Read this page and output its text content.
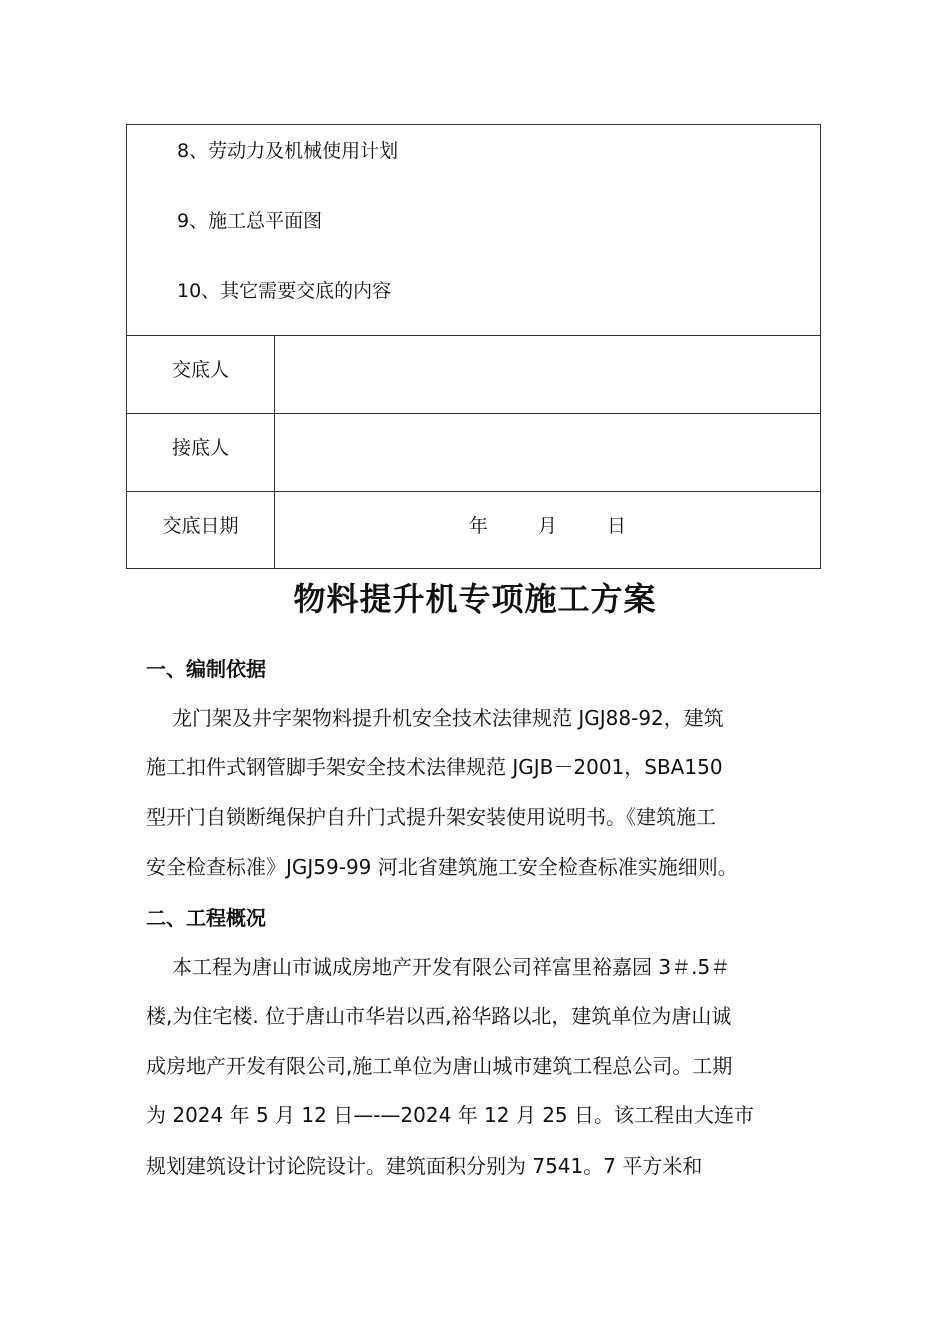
8、劳动力及机械使用计划
9、施工总平面图
10、其它需要交底的内容
交底人
接底人
交底日期	年	月	日
物料提升机专项施工方案
一、编制依据
龙门架及井字架物料提升机安全技术法律规范 JGJ88-92，建筑
施工扣件式钢管脚手架安全技术法律规范 JGJB－2001，SBA150
型开门自锁断绳保护自升门式提升架安装使用说明书。《建筑施工
安全检查标准》JGJ59-99 河北省建筑施工安全检查标准实施细则。
二、工程概况
本工程为唐山市诚成房地产开发有限公司祥富里裕嘉园 3＃.5＃
楼,为住宅楼. 位于唐山市华岩以西,裕华路以北，建筑单位为唐山诚
成房地产开发有限公司,施工单位为唐山城市建筑工程总公司。工期
为 2024 年 5 月 12 日—-—2024 年 12 月 25 日。该工程由大连市
规划建筑设计讨论院设计。建筑面积分别为 7541。7 平方米和
